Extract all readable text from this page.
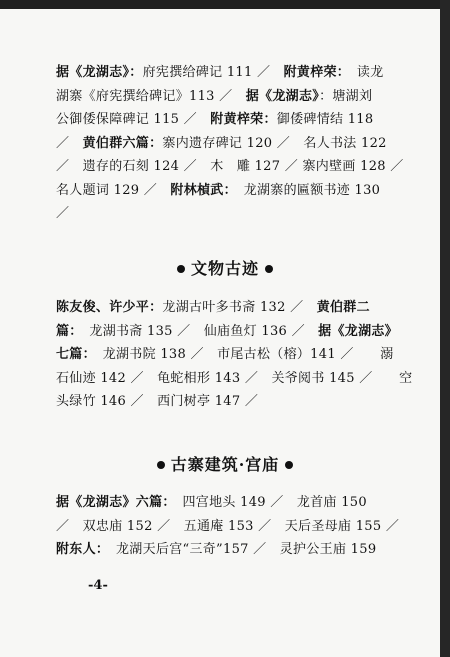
据《龙湖志》：府宪撰给碑记 111 ／　附黄梓荣：　读龙
湖寨《府宪撰给碑记》113 ／　据《龙湖志》：塘湖刘
公御倭保障碑记 115 ／　附黄梓荣：御倭碑情结 118
／　黄伯群六篇：寨内遗存碑记 120 ／　名人书法 122
／　遗存的石刻 124 ／　木　雕 127 ／ 寨内壁画 128 ／
名人题词 129 ／　附林楨武：　龙湖寨的匾额书迹 130
／
文物古迹
陈友俊、许少平：龙湖古叶多书斋 132 ／　黄伯群二
篇：　龙湖书斋 135 ／　仙庙鱼灯 136 ／　据《龙湖志》
七篇：　龙湖书院 138 ／　市尾古松（榕）141 ／　　溺
石仙迹 142 ／　龟蛇相形 143 ／　关爷阅书 145 ／　　空
头绿竹 146 ／　西门树亭 147 ／
古寨建筑·宫庙
据《龙湖志》六篇：　四宫地头 149 ／　龙首庙 150
／　双忠庙 152 ／　五通庵 153 ／　天后圣母庙 155 ／
附东人：　龙湖天后宫“三奇”157 ／　灵护公王庙 159
-4-
